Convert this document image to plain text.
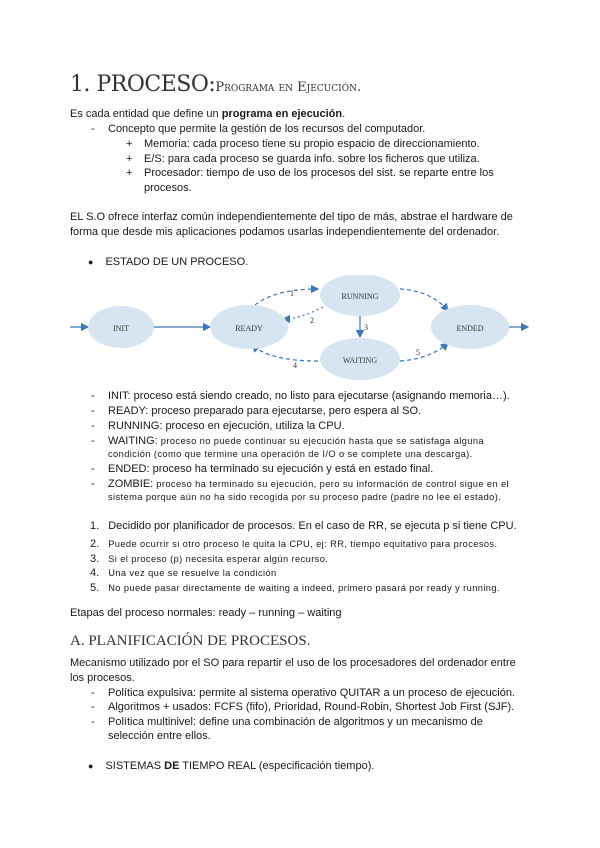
1. PROCESO:Programa en Ejecución.
Es cada entidad que define un programa en ejecución.
- Concepto que permite la gestión de los recursos del computador.
+ Memoria: cada proceso tiene su propio espacio de direccionamiento.
+ E/S: para cada proceso se guarda info. sobre los ficheros que utiliza.
+ Procesador: tiempo de uso de los procesos del sist. se reparte entre los
procesos.
EL S.O ofrece interfaz común independientemente del tipo de más, abstrae el hardware de
forma que desde mis aplicaciones podamos usarlas independientemente del ordenador.
● ESTADO DE UN PROCESO.
INIT	READY
RUNNING
WAITING
ENDED
1
2
3
4
5
- INIT: proceso está siendo creado, no listo para ejecutarse (asignando memoria…).
- READY: proceso preparado para ejecutarse, pero espera al SO.
- RUNNING: proceso en ejecución, utiliza la CPU.
- WAITING: proceso no puede continuar su ejecución hasta que se satisfaga alguna
condición (como que termine una operación de I/O o se complete una descarga).
- ENDED: proceso ha terminado su ejecución y está en estado final.
- ZOMBIE: proceso ha terminado su ejecución, pero su información de control sigue en el
sistema porque aún no ha sido recogida por su proceso padre (padre no lee el estado).
1. Decidido por planificador de procesos. En el caso de RR, se ejecuta p si tiene CPU.
2. Puede ocurrir si otro proceso le quita la CPU, ej: RR, tiempo equitativo para procesos.
3. Si el proceso (p) necesita esperar algún recurso.
4. Una vez que se resuelve la condición
5. No puede pasar directamente de waiting a indeed, primero pasará por ready y running.
Etapas del proceso normales: ready – running – waiting
A. PLANIFICACIÓN DE PROCESOS.
Mecanismo utilizado por el SO para repartir el uso de los procesadores del ordenador entre
los procesos.
- Política expulsiva: permite al sistema operativo QUITAR a un proceso de ejecución.
- Algoritmos + usados: FCFS (fifo), Prioridad, Round-Robin, Shortest Job First (SJF).
- Política multinivel: define una combinación de algoritmos y un mecanismo de
selección entre ellos.
● SISTEMAS DE TIEMPO REAL (especificación tiempo).
